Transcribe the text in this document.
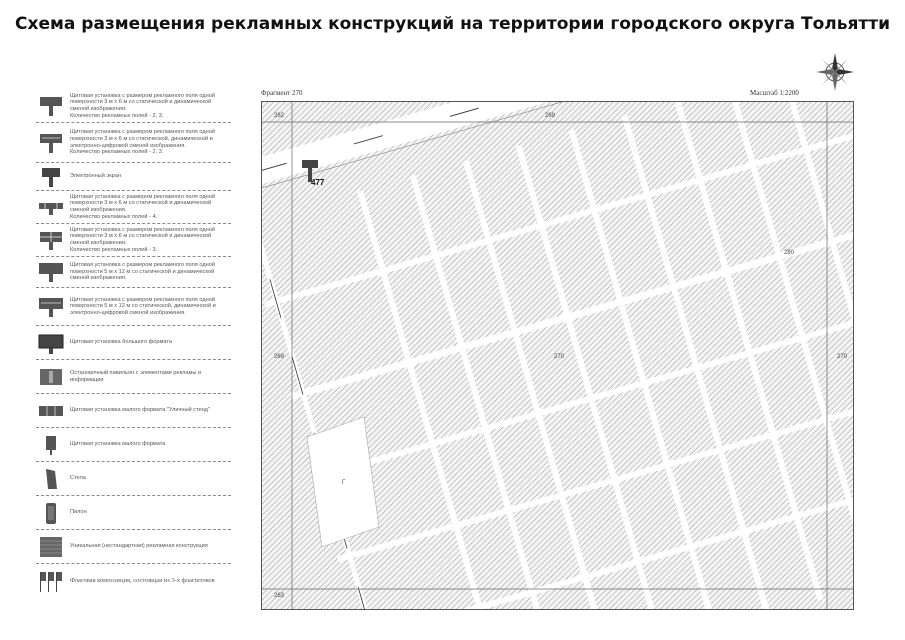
Схема размещения рекламных конструкций на территории городского округа Тольятти
Щитовая установка с размером рекламного поля одной поверхности 3 м х 6 м со статической и динамической сменой изображения.
Количество рекламных полей - 2, 3.
Щитовая установка с размером рекламного поля одной поверхности 3 м х 6 м со статической, динамической и электронно-цифровой сменой изображения.
Количество рекламных полей - 2, 3.
Электронный экран
Щитовая установка с размером рекламного поля одной поверхности 3 м х 6 м со статической и динамической сменой изображения.
Количество рекламных полей - 4.
Щитовая установка с размером рекламного поля одной поверхности 3 м х 6 м со статической и динамической сменой изображения.
Количество рекламных полей - 3.
Щитовая установка с размером рекламного поля одной поверхности 5 м х 12 м со статической и динамической сменой изображения.
Щитовая установка с размером рекламного поля одной поверхности 5 м х 12 м со статической, динамической и электронно-цифровой сменой изображения.
Щитовая установка большого формата
Остановочный павильон с элементами рекламы и информации
Щитовая установка малого формата "Уличный стенд"
Щитовая установка малого формата
Стела
Пилон
Уникальная (нестандартная) рекламная конструкция
Флаговая композиция, состоящая из 3-х флагштоков
Фрагмент 270	Масштаб 1:2200
262	269
269	270	270
263
280
477
Г
